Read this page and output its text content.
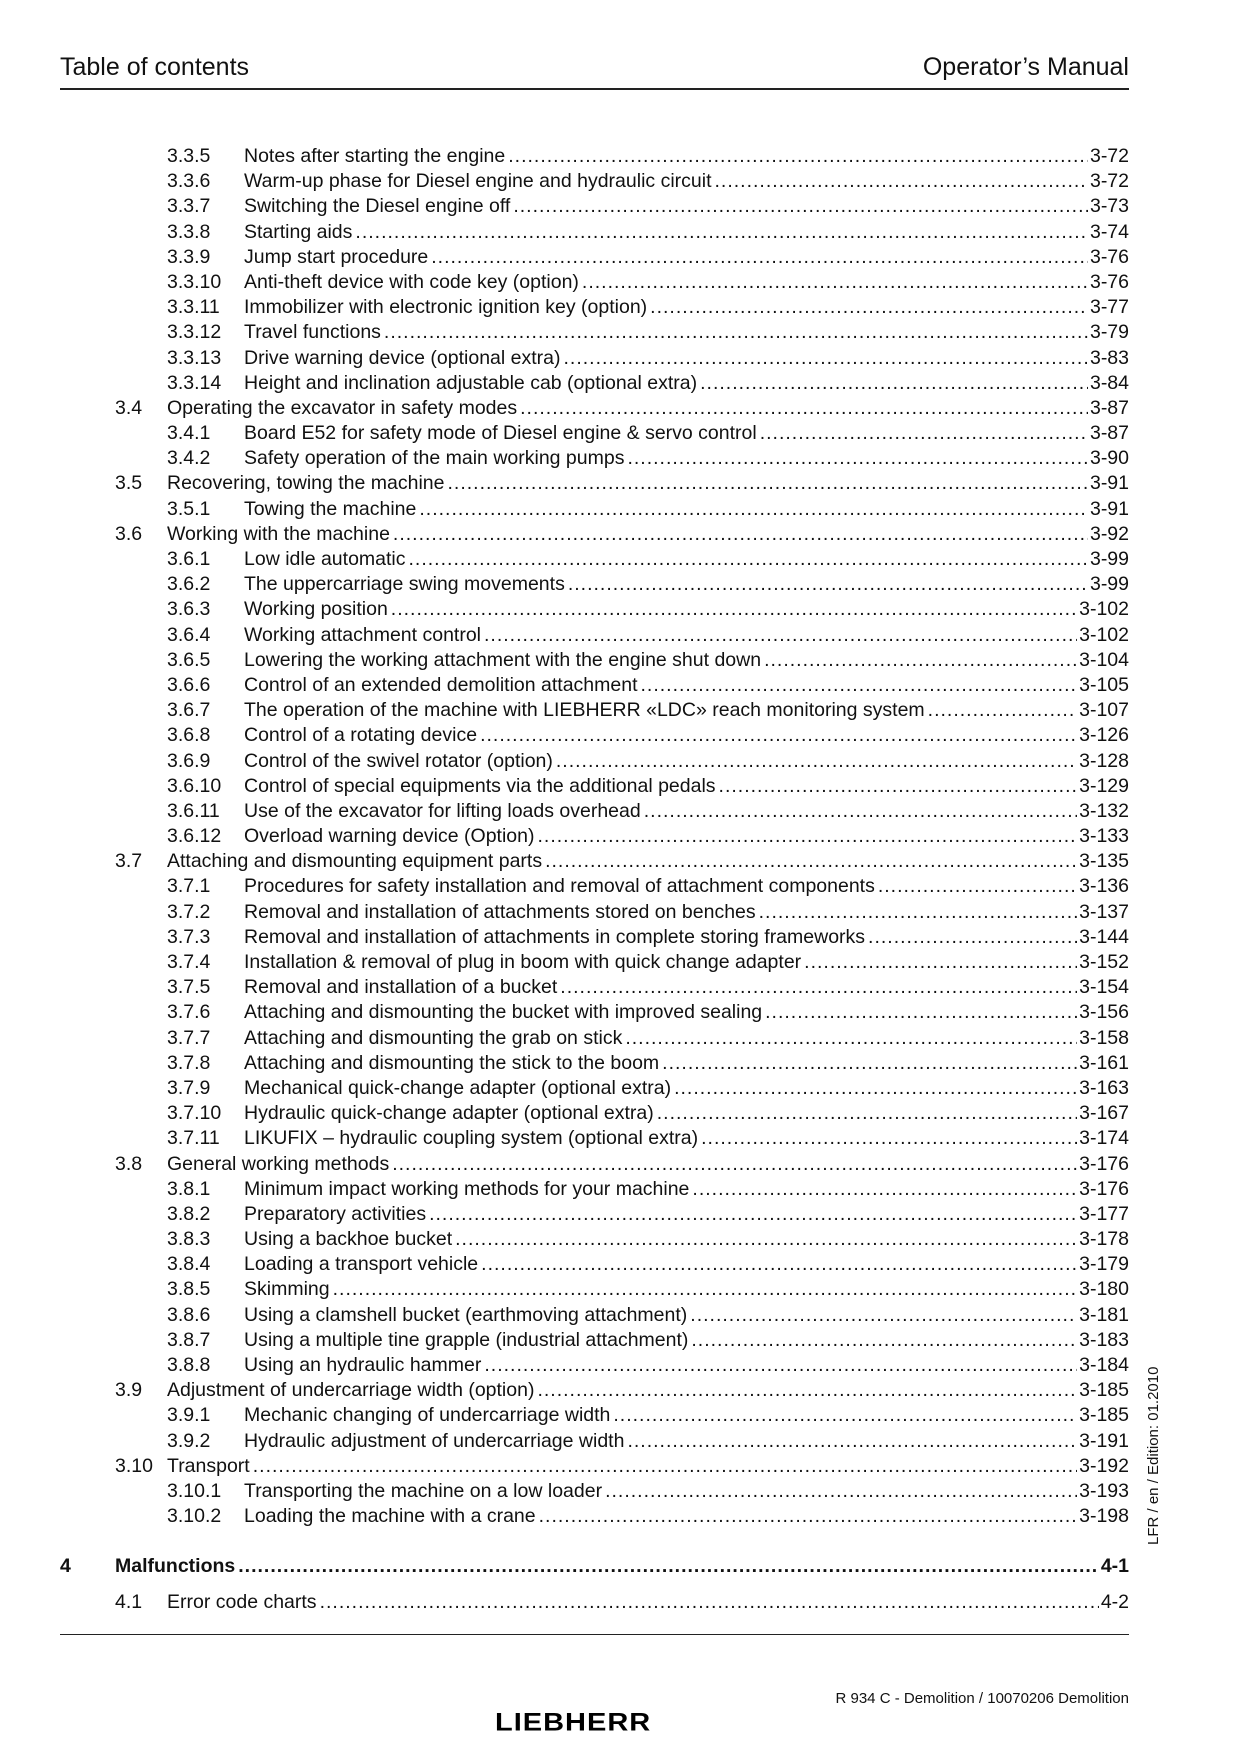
Table of contents	Operator’s Manual
3.3.5 Notes after starting the engine .....	3-72
3.3.6 Warm-up phase for Diesel engine and hydraulic circuit .....	3-72
3.3.7 Switching the Diesel engine off .....	3-73
3.3.8 Starting aids .....	3-74
3.3.9 Jump start procedure .....	3-76
3.3.10 Anti-theft device with code key (option) .....	3-76
3.3.11 Immobilizer with electronic ignition key (option) .....	3-77
3.3.12 Travel functions .....	3-79
3.3.13 Drive warning device (optional extra) .....	3-83
3.3.14 Height and inclination adjustable cab (optional extra) .....	3-84
3.4 Operating the excavator in safety modes .....	3-87
3.4.1 Board E52 for safety mode of Diesel engine & servo control .....	3-87
3.4.2 Safety operation of the main working pumps .....	3-90
3.5 Recovering, towing the machine .....	3-91
3.5.1 Towing the machine .....	3-91
3.6 Working with the machine .....	3-92
3.6.1 Low idle automatic .....	3-99
3.6.2 The uppercarriage swing movements .....	3-99
3.6.3 Working position .....	3-102
3.6.4 Working attachment control .....	3-102
3.6.5 Lowering the working attachment with the engine shut down .....	3-104
3.6.6 Control of an extended demolition attachment .....	3-105
3.6.7 The operation of the machine with LIEBHERR «LDC» reach monitoring system .....	3-107
3.6.8 Control of a rotating device .....	3-126
3.6.9 Control of the swivel rotator (option) .....	3-128
3.6.10 Control of special equipments via the additional pedals .....	3-129
3.6.11 Use of the excavator for lifting loads overhead .....	3-132
3.6.12 Overload warning device (Option) .....	3-133
3.7 Attaching and dismounting equipment parts .....	3-135
3.7.1 Procedures for safety installation and removal of attachment components .....	3-136
3.7.2 Removal and installation of attachments stored on benches .....	3-137
3.7.3 Removal and installation of attachments in complete storing frameworks .....	3-144
3.7.4 Installation & removal of plug in boom with quick change adapter .....	3-152
3.7.5 Removal and installation of a bucket .....	3-154
3.7.6 Attaching and dismounting the bucket with improved sealing .....	3-156
3.7.7 Attaching and dismounting the grab on stick .....	3-158
3.7.8 Attaching and dismounting the stick to the boom .....	3-161
3.7.9 Mechanical quick-change adapter (optional extra) .....	3-163
3.7.10 Hydraulic quick-change adapter (optional extra) .....	3-167
3.7.11 LIKUFIX – hydraulic coupling system (optional extra) .....	3-174
3.8 General working methods .....	3-176
3.8.1 Minimum impact working methods for your machine .....	3-176
3.8.2 Preparatory activities .....	3-177
3.8.3 Using a backhoe bucket .....	3-178
3.8.4 Loading a transport vehicle .....	3-179
3.8.5 Skimming .....	3-180
3.8.6 Using a clamshell bucket (earthmoving attachment) .....	3-181
3.8.7 Using a multiple tine grapple (industrial attachment) .....	3-183
3.8.8 Using an hydraulic hammer .....	3-184
3.9 Adjustment of undercarriage width (option) .....	3-185
3.9.1 Mechanic changing of undercarriage width .....	3-185
3.9.2 Hydraulic adjustment of undercarriage width .....	3-191
3.10 Transport .....	3-192
3.10.1 Transporting the machine on a low loader .....	3-193
3.10.2 Loading the machine with a crane .....	3-198
4 Malfunctions .....	4-1
4.1 Error code charts .....	4-2
LFR / en / Edition: 01.2010
R 934 C - Demolition / 10070206 Demolition
LIEBHERR
